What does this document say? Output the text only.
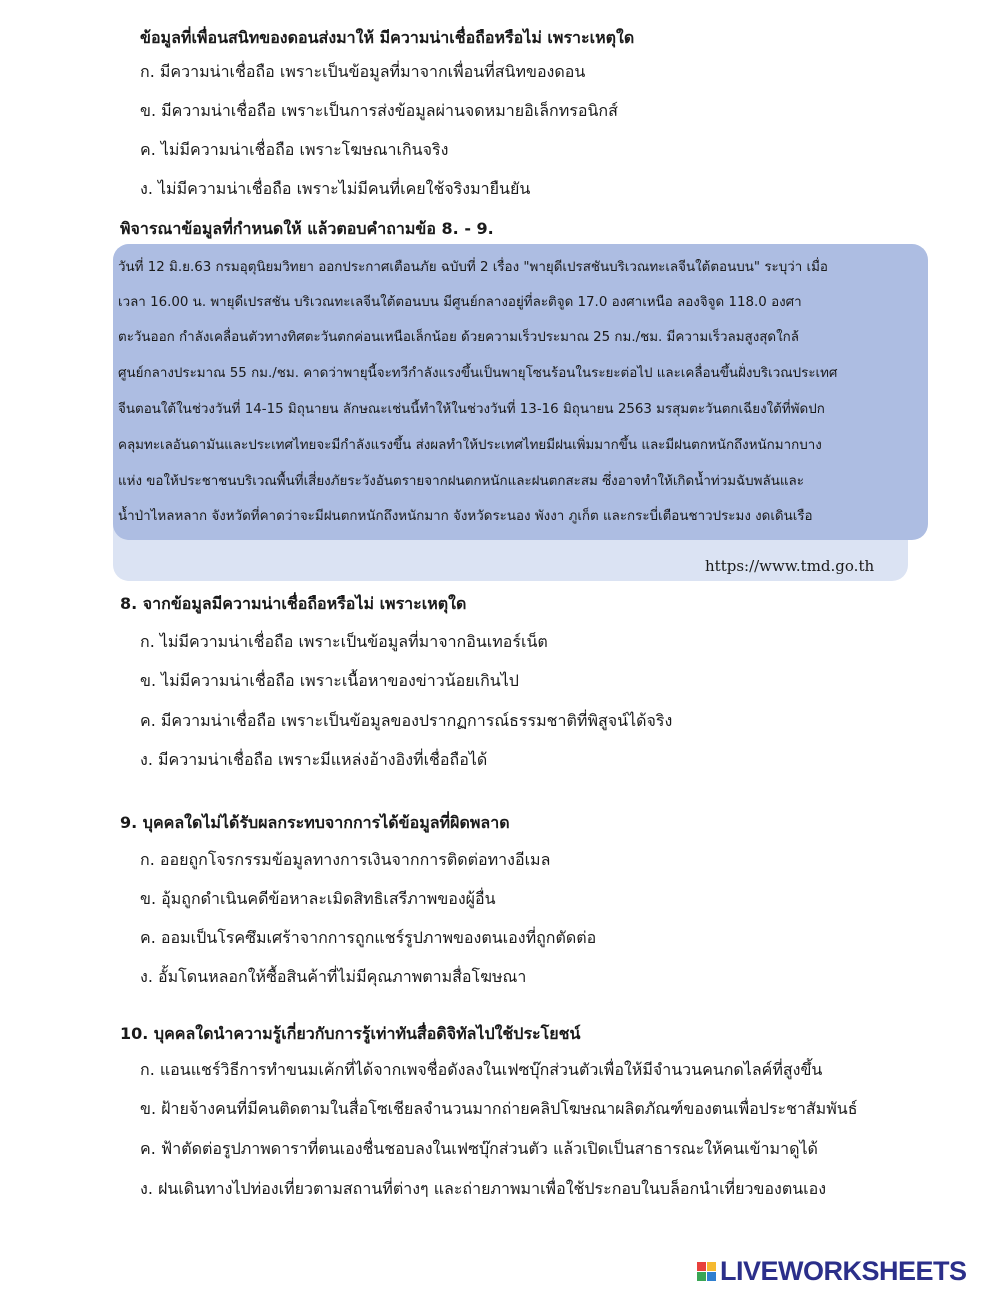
ข้อมูลที่เพื่อนสนิทของดอนส่งมาให้ มีความน่าเชื่อถือหรือไม่ เพราะเหตุใด
ก. มีความน่าเชื่อถือ เพราะเป็นข้อมูลที่มาจากเพื่อนที่สนิทของดอน
ข. มีความน่าเชื่อถือ เพราะเป็นการส่งข้อมูลผ่านจดหมายอิเล็กทรอนิกส์
ค. ไม่มีความน่าเชื่อถือ เพราะโฆษณาเกินจริง
ง. ไม่มีความน่าเชื่อถือ เพราะไม่มีคนที่เคยใช้จริงมายืนยัน
พิจารณาข้อมูลที่กำหนดให้ แล้วตอบคำถามข้อ 8. - 9.
วันที่ 12 มิ.ย.63 กรมอุตุนิยมวิทยา ออกประกาศเตือนภัย ฉบับที่ 2 เรื่อง "พายุดีเปรสชันบริเวณทะเลจีนใต้ตอนบน" ระบุว่า เมื่อ
เวลา 16.00 น. พายุดีเปรสชัน บริเวณทะเลจีนใต้ตอนบน มีศูนย์กลางอยู่ที่ละติจูด 17.0 องศาเหนือ ลองจิจูด 118.0 องศา
ตะวันออก กำลังเคลื่อนตัวทางทิศตะวันตกค่อนเหนือเล็กน้อย ด้วยความเร็วประมาณ 25 กม./ชม. มีความเร็วลมสูงสุดใกล้
ศูนย์กลางประมาณ 55 กม./ชม. คาดว่าพายุนี้จะทวีกำลังแรงขึ้นเป็นพายุโซนร้อนในระยะต่อไป และเคลื่อนขึ้นฝั่งบริเวณประเทศ
จีนตอนใต้ในช่วงวันที่ 14-15 มิถุนายน ลักษณะเช่นนี้ทำให้ในช่วงวันที่ 13-16 มิถุนายน 2563 มรสุมตะวันตกเฉียงใต้ที่พัดปก
คลุมทะเลอันดามันและประเทศไทยจะมีกำลังแรงขึ้น ส่งผลทำให้ประเทศไทยมีฝนเพิ่มมากขึ้น และมีฝนตกหนักถึงหนักมากบาง
แห่ง ขอให้ประชาชนบริเวณพื้นที่เสี่ยงภัยระวังอันตรายจากฝนตกหนักและฝนตกสะสม ซึ่งอาจทำให้เกิดน้ำท่วมฉับพลันและ
น้ำป่าไหลหลาก จังหวัดที่คาดว่าจะมีฝนตกหนักถึงหนักมาก จังหวัดระนอง พังงา ภูเก็ต และกระบี่เตือนชาวประมง งดเดินเรือ
https://www.tmd.go.th
8. จากข้อมูลมีความน่าเชื่อถือหรือไม่ เพราะเหตุใด
ก. ไม่มีความน่าเชื่อถือ เพราะเป็นข้อมูลที่มาจากอินเทอร์เน็ต
ข. ไม่มีความน่าเชื่อถือ เพราะเนื้อหาของข่าวน้อยเกินไป
ค. มีความน่าเชื่อถือ เพราะเป็นข้อมูลของปรากฏการณ์ธรรมชาติที่พิสูจน์ได้จริง
ง. มีความน่าเชื่อถือ เพราะมีแหล่งอ้างอิงที่เชื่อถือได้
9. บุคคลใดไม่ได้รับผลกระทบจากการได้ข้อมูลที่ผิดพลาด
ก. ออยถูกโจรกรรมข้อมูลทางการเงินจากการติดต่อทางอีเมล
ข. อุ้มถูกดำเนินคดีข้อหาละเมิดสิทธิเสรีภาพของผู้อื่น
ค. ออมเป็นโรคซึมเศร้าจากการถูกแชร์รูปภาพของตนเองที่ถูกตัดต่อ
ง. อั้มโดนหลอกให้ซื้อสินค้าที่ไม่มีคุณภาพตามสื่อโฆษณา
10. บุคคลใดนำความรู้เกี่ยวกับการรู้เท่าทันสื่อดิจิทัลไปใช้ประโยชน์
ก. แอนแชร์วิธีการทำขนมเค้กที่ได้จากเพจชื่อดังลงในเฟซบุ๊กส่วนตัวเพื่อให้มีจำนวนคนกดไลค์ที่สูงขึ้น
ข. ฝ้ายจ้างคนที่มีคนติดตามในสื่อโซเชียลจำนวนมากถ่ายคลิปโฆษณาผลิตภัณฑ์ของตนเพื่อประชาสัมพันธ์
ค. ฟ้าตัดต่อรูปภาพดาราที่ตนเองชื่นชอบลงในเฟซบุ๊กส่วนตัว แล้วเปิดเป็นสาธารณะให้คนเข้ามาดูได้
ง. ฝนเดินทางไปท่องเที่ยวตามสถานที่ต่างๆ และถ่ายภาพมาเพื่อใช้ประกอบในบล็อกนำเที่ยวของตนเอง
LIVEWORKSHEETS
